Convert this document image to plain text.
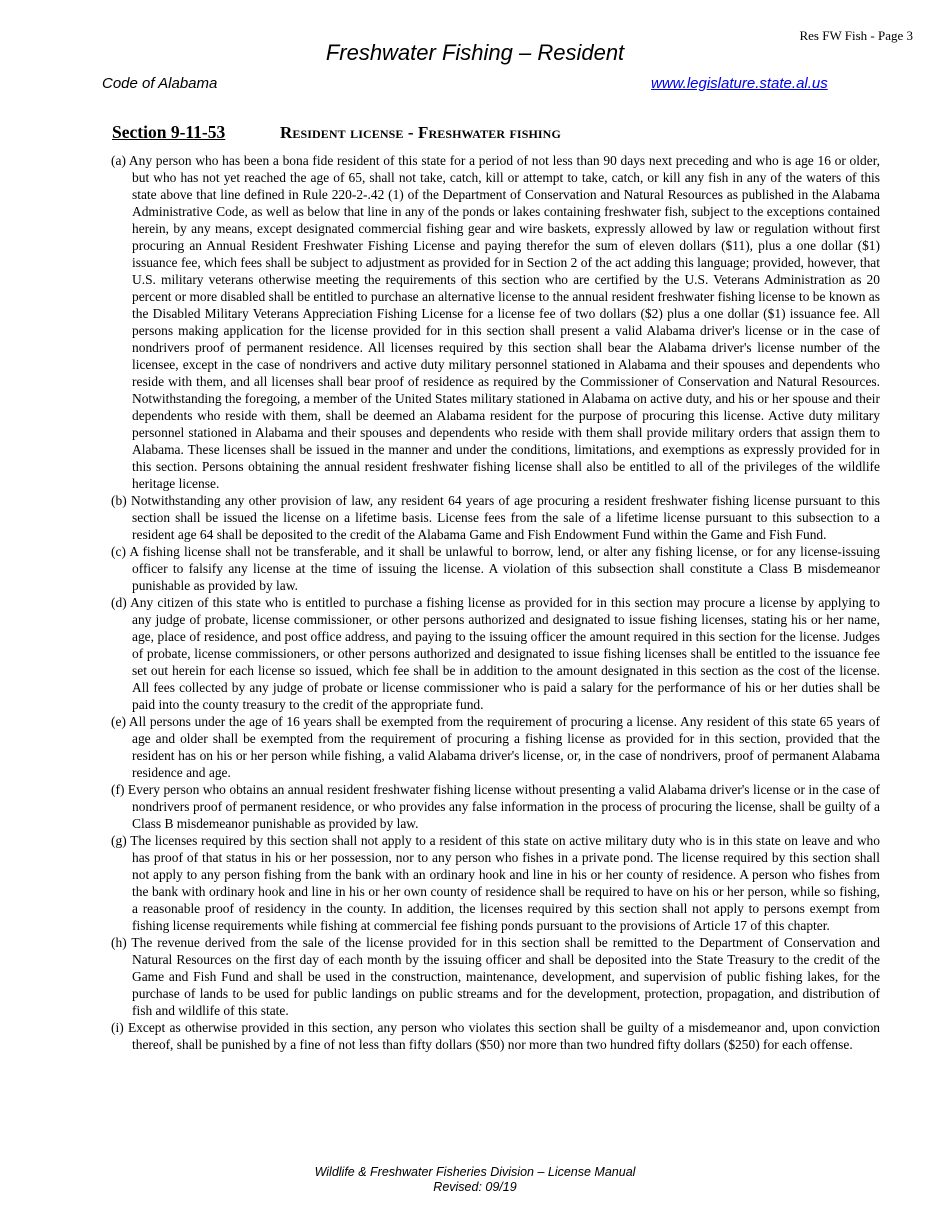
Res FW Fish - Page 3
Freshwater Fishing – Resident
Code of Alabama	www.legislature.state.al.us
Section 9-11-53	Resident license - Freshwater fishing

(a) Any person who has been a bona fide resident of this state for a period of not less than 90 days next preceding and who is age 16 or older, but who has not yet reached the age of 65, shall not take, catch, kill or attempt to take, catch, or kill any fish in any of the waters of this state above that line defined in Rule 220-2-.42 (1) of the Department of Conservation and Natural Resources as published in the Alabama Administrative Code, as well as below that line in any of the ponds or lakes containing freshwater fish, subject to the exceptions contained herein, by any means, except designated commercial fishing gear and wire baskets, expressly allowed by law or regulation without first procuring an Annual Resident Freshwater Fishing License and paying therefor the sum of eleven dollars ($11), plus a one dollar ($1) issuance fee, which fees shall be subject to adjustment as provided for in Section 2 of the act adding this language; provided, however, that U.S. military veterans otherwise meeting the requirements of this section who are certified by the U.S. Veterans Administration as 20 percent or more disabled shall be entitled to purchase an alternative license to the annual resident freshwater fishing license to be known as the Disabled Military Veterans Appreciation Fishing License for a license fee of two dollars ($2) plus a one dollar ($1) issuance fee. All persons making application for the license provided for in this section shall present a valid Alabama driver's license or in the case of nondrivers proof of permanent residence. All licenses required by this section shall bear the Alabama driver's license number of the licensee, except in the case of nondrivers and active duty military personnel stationed in Alabama and their spouses and dependents who reside with them, and all licenses shall bear proof of residence as required by the Commissioner of Conservation and Natural Resources. Notwithstanding the foregoing, a member of the United States military stationed in Alabama on active duty, and his or her spouse and their dependents who reside with them, shall be deemed an Alabama resident for the purpose of procuring this license. Active duty military personnel stationed in Alabama and their spouses and dependents who reside with them shall provide military orders that assign them to Alabama. These licenses shall be issued in the manner and under the conditions, limitations, and exemptions as expressly provided for in this section. Persons obtaining the annual resident freshwater fishing license shall also be entitled to all of the privileges of the wildlife heritage license.

(b) Notwithstanding any other provision of law, any resident 64 years of age procuring a resident freshwater fishing license pursuant to this section shall be issued the license on a lifetime basis. License fees from the sale of a lifetime license pursuant to this subsection to a resident age 64 shall be deposited to the credit of the Alabama Game and Fish Endowment Fund within the Game and Fish Fund.

(c) A fishing license shall not be transferable, and it shall be unlawful to borrow, lend, or alter any fishing license, or for any license-issuing officer to falsify any license at the time of issuing the license. A violation of this subsection shall constitute a Class B misdemeanor punishable as provided by law.

(d) Any citizen of this state who is entitled to purchase a fishing license as provided for in this section may procure a license by applying to any judge of probate, license commissioner, or other persons authorized and designated to issue fishing licenses, stating his or her name, age, place of residence, and post office address, and paying to the issuing officer the amount required in this section for the license. Judges of probate, license commissioners, or other persons authorized and designated to issue fishing licenses shall be entitled to the issuance fee set out herein for each license so issued, which fee shall be in addition to the amount designated in this section as the cost of the license. All fees collected by any judge of probate or license commissioner who is paid a salary for the performance of his or her duties shall be paid into the county treasury to the credit of the appropriate fund.

(e) All persons under the age of 16 years shall be exempted from the requirement of procuring a license. Any resident of this state 65 years of age and older shall be exempted from the requirement of procuring a fishing license as provided for in this section, provided that the resident has on his or her person while fishing, a valid Alabama driver's license, or, in the case of nondrivers, proof of permanent Alabama residence and age.

(f) Every person who obtains an annual resident freshwater fishing license without presenting a valid Alabama driver's license or in the case of nondrivers proof of permanent residence, or who provides any false information in the process of procuring the license, shall be guilty of a Class B misdemeanor punishable as provided by law.

(g) The licenses required by this section shall not apply to a resident of this state on active military duty who is in this state on leave and who has proof of that status in his or her possession, nor to any person who fishes in a private pond. The license required by this section shall not apply to any person fishing from the bank with an ordinary hook and line in his or her county of residence. A person who fishes from the bank with ordinary hook and line in his or her own county of residence shall be required to have on his or her person, while so fishing, a reasonable proof of residency in the county. In addition, the licenses required by this section shall not apply to persons exempt from fishing license requirements while fishing at commercial fee fishing ponds pursuant to the provisions of Article 17 of this chapter.

(h) The revenue derived from the sale of the license provided for in this section shall be remitted to the Department of Conservation and Natural Resources on the first day of each month by the issuing officer and shall be deposited into the State Treasury to the credit of the Game and Fish Fund and shall be used in the construction, maintenance, development, and supervision of public fishing lakes, for the purchase of lands to be used for public landings on public streams and for the development, protection, propagation, and distribution of fish and wildlife of this state.

(i) Except as otherwise provided in this section, any person who violates this section shall be guilty of a misdemeanor and, upon conviction thereof, shall be punished by a fine of not less than fifty dollars ($50) nor more than two hundred fifty dollars ($250) for each offense.

Wildlife & Freshwater Fisheries Division – License Manual
Revised: 09/19
